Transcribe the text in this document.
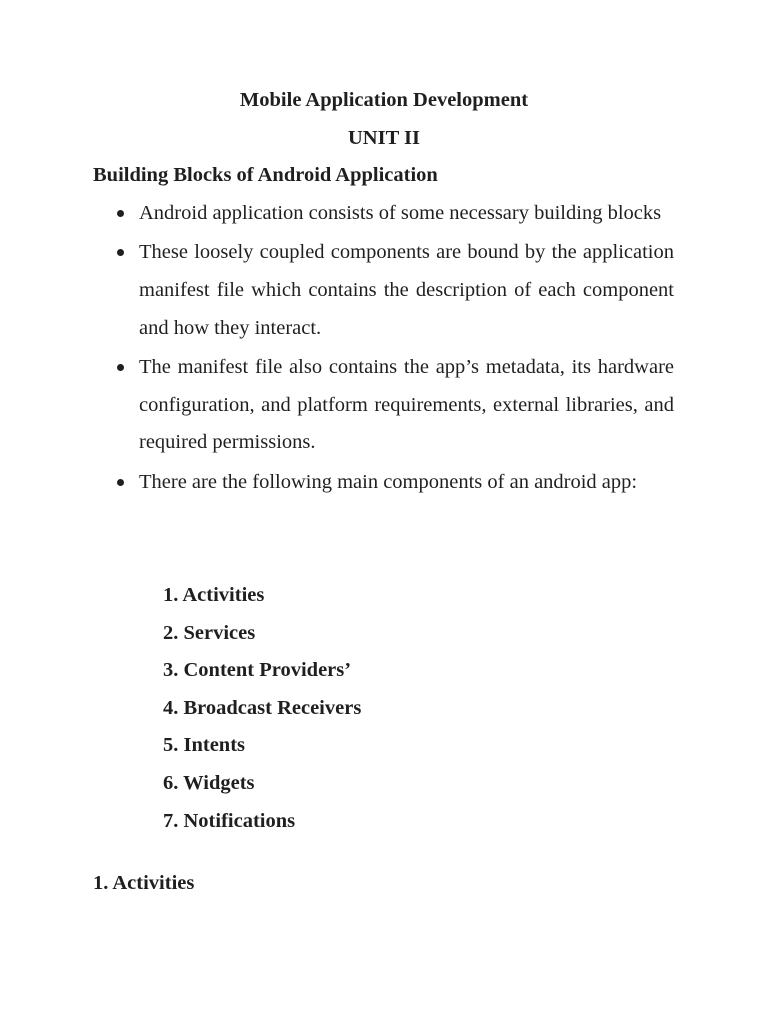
Mobile Application Development
UNIT II
Building Blocks of Android Application
Android application consists of some necessary building blocks
These loosely coupled components are bound by the application manifest file which contains the description of each component and how they interact.
The manifest file also contains the app’s metadata, its hardware configuration, and platform requirements, external libraries, and required permissions.
There are the following main components of an android app:
1. Activities
2. Services
3. Content Providers’
4. Broadcast Receivers
5. Intents
6. Widgets
7. Notifications
1. Activities
